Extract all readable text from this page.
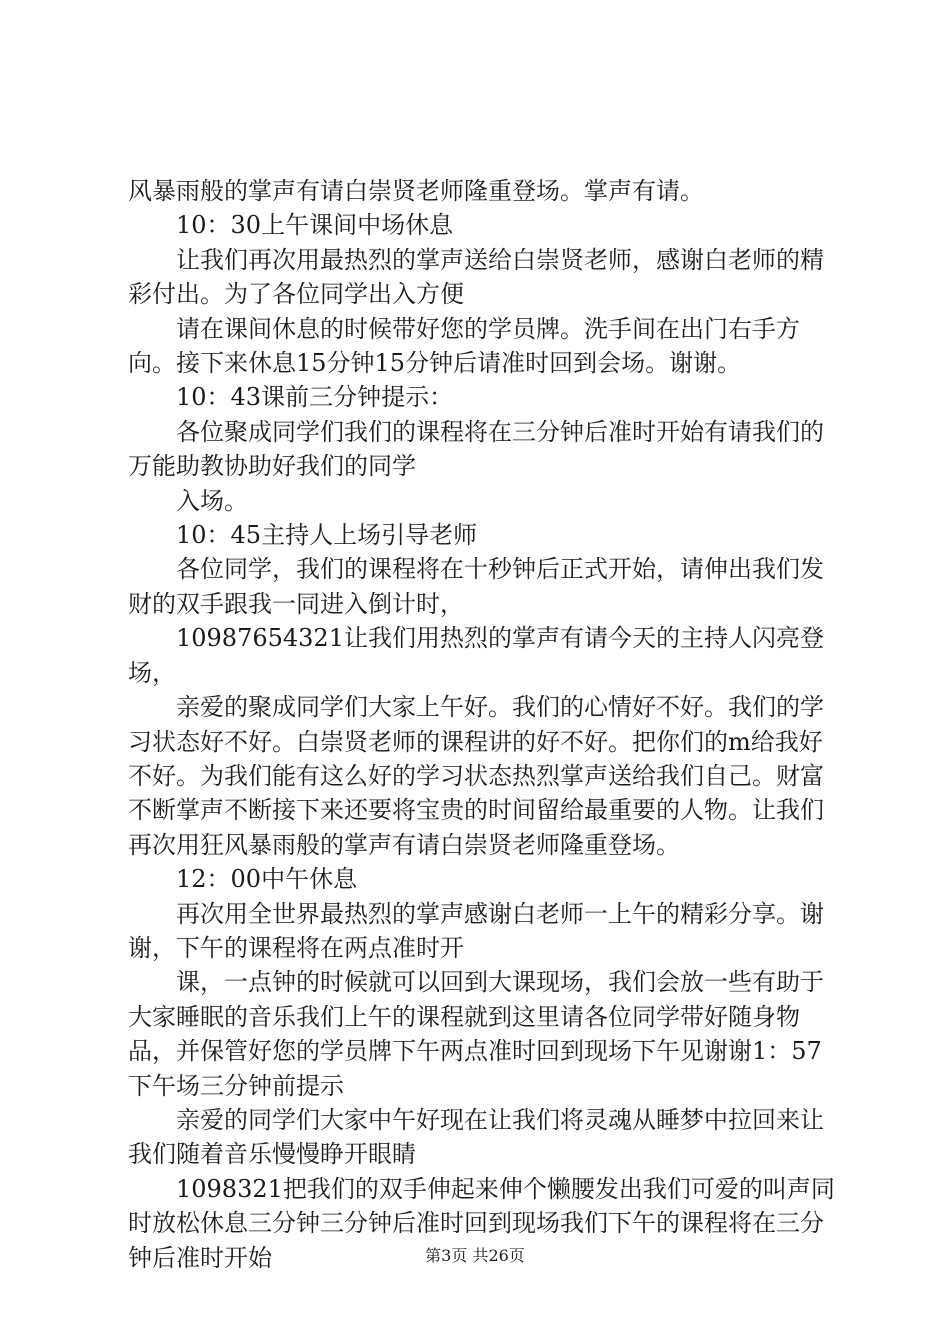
风暴雨般的掌声有请白崇贤老师隆重登场。掌声有请。

10：30上午课间中场休息

让我们再次用最热烈的掌声送给白崇贤老师，感谢白老师的精彩付出。为了各位同学出入方便

请在课间休息的时候带好您的学员牌。洗手间在出门右手方向。接下来休息15分钟15分钟后请准时回到会场。谢谢。

10：43课前三分钟提示：

各位聚成同学们我们的课程将在三分钟后准时开始有请我们的万能助教协助好我们的同学

入场。

10：45主持人上场引导老师

各位同学，我们的课程将在十秒钟后正式开始，请伸出我们发财的双手跟我一同进入倒计时，

10987654321让我们用热烈的掌声有请今天的主持人闪亮登场，

亲爱的聚成同学们大家上午好。我们的心情好不好。我们的学习状态好不好。白崇贤老师的课程讲的好不好。把你们的m给我好不好。为我们能有这么好的学习状态热烈掌声送给我们自己。财富不断掌声不断接下来还要将宝贵的时间留给最重要的人物。让我们再次用狂风暴雨般的掌声有请白崇贤老师隆重登场。

12：00中午休息

再次用全世界最热烈的掌声感谢白老师一上午的精彩分享。谢谢，下午的课程将在两点准时开

课，一点钟的时候就可以回到大课现场，我们会放一些有助于大家睡眠的音乐我们上午的课程就到这里请各位同学带好随身物品，并保管好您的学员牌下午两点准时回到现场下午见谢谢1：57下午场三分钟前提示

亲爱的同学们大家中午好现在让我们将灵魂从睡梦中拉回来让我们随着音乐慢慢睁开眼睛

1098321把我们的双手伸起来伸个懒腰发出我们可爱的叫声同时放松休息三分钟三分钟后准时回到现场我们下午的课程将在三分钟后准时开始	第3页 共26页
